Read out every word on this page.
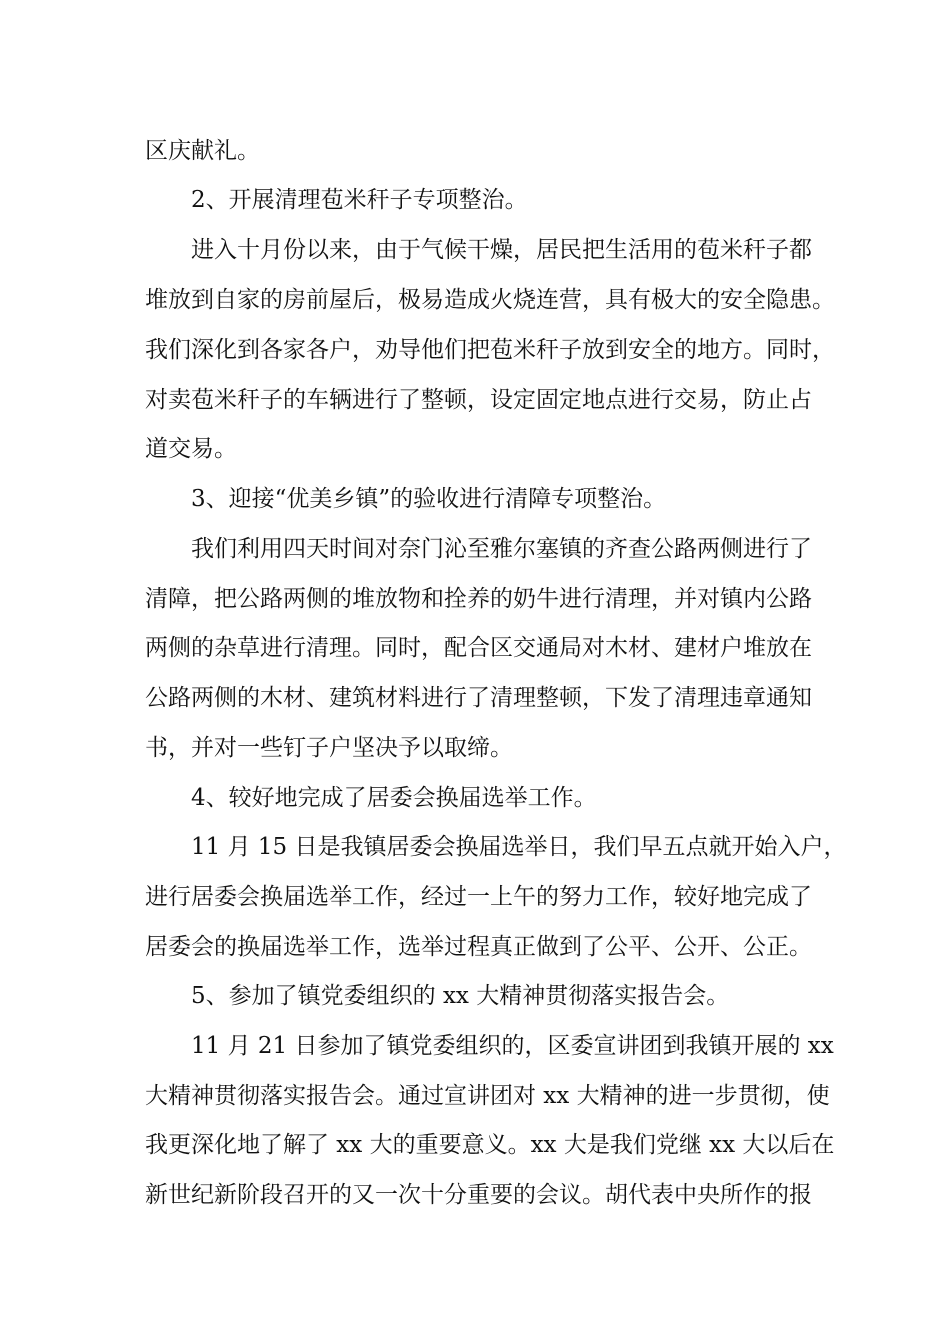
区庆献礼。
2、开展清理苞米秆子专项整治。
进入十月份以来，由于气候干燥，居民把生活用的苞米秆子都
堆放到自家的房前屋后，极易造成火烧连营，具有极大的安全隐患。
我们深化到各家各户，劝导他们把苞米秆子放到安全的地方。同时，
对卖苞米秆子的车辆进行了整顿，设定固定地点进行交易，防止占
道交易。
3、迎接“优美乡镇”的验收进行清障专项整治。
我们利用四天时间对奈门沁至雅尔塞镇的齐查公路两侧进行了
清障，把公路两侧的堆放物和拴养的奶牛进行清理，并对镇内公路
两侧的杂草进行清理。同时，配合区交通局对木材、建材户堆放在
公路两侧的木材、建筑材料进行了清理整顿，下发了清理违章通知
书，并对一些钉子户坚决予以取缔。
4、较好地完成了居委会换届选举工作。
11 月 15 日是我镇居委会换届选举日，我们早五点就开始入户，
进行居委会换届选举工作，经过一上午的努力工作，较好地完成了
居委会的换届选举工作，选举过程真正做到了公平、公开、公正。
5、参加了镇党委组织的 xx 大精神贯彻落实报告会。
11 月 21 日参加了镇党委组织的，区委宣讲团到我镇开展的 xx
大精神贯彻落实报告会。通过宣讲团对 xx 大精神的进一步贯彻，使
我更深化地了解了 xx 大的重要意义。xx 大是我们党继 xx 大以后在
新世纪新阶段召开的又一次十分重要的会议。胡代表中央所作的报
